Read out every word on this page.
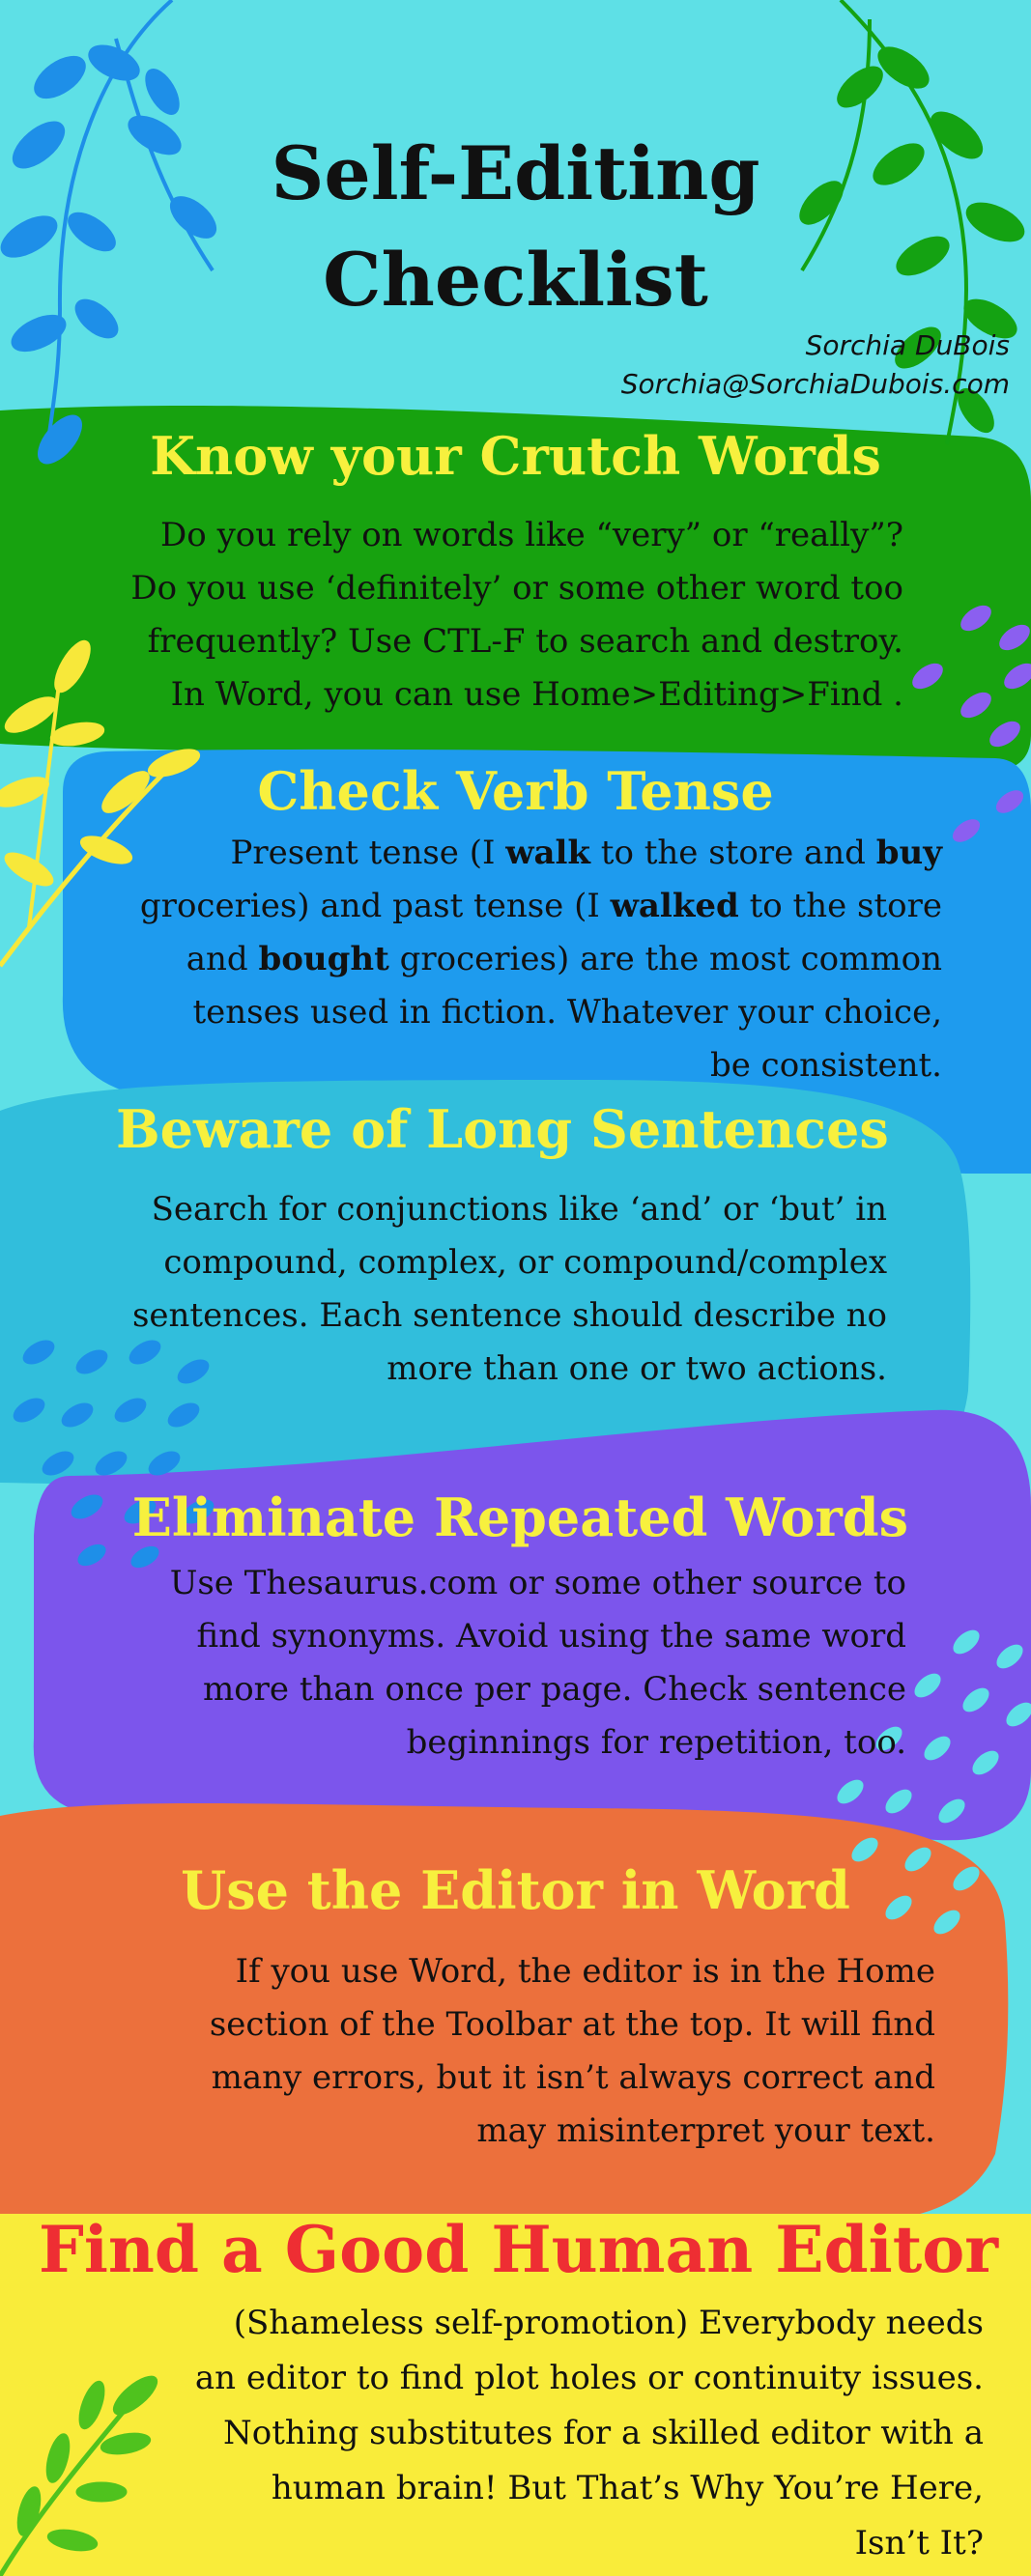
Self-Editing
Checklist
Sorchia DuBois
Sorchia@SorchiaDubois.com
Know your Crutch Words
Do you rely on words like “very” or “really”?
Do you use ‘definitely’ or some other word too
frequently? Use CTL-F to search and destroy.
In Word, you can use Home>Editing>Find .
Check Verb Tense
Present tense (I walk to the store and buy
groceries) and past tense (I walked to the store
and bought groceries) are the most common
tenses used in fiction. Whatever your choice,
be consistent.
Beware of Long Sentences
Search for conjunctions like ‘and’ or ‘but’ in
compound, complex, or compound/complex
sentences. Each sentence should describe no
more than one or two actions.
Eliminate Repeated Words
Use Thesaurus.com or some other source to
find synonyms. Avoid using the same word
more than once per page. Check sentence
beginnings for repetition, too.
Use the Editor in Word
If you use Word, the editor is in the Home
section of the Toolbar at the top. It will find
many errors, but it isn’t always correct and
may misinterpret your text.
Find a Good Human Editor
(Shameless self-promotion) Everybody needs
an editor to find plot holes or continuity issues.
Nothing substitutes for a skilled editor with a
human brain! But That’s Why You’re Here,
Isn’t It?
